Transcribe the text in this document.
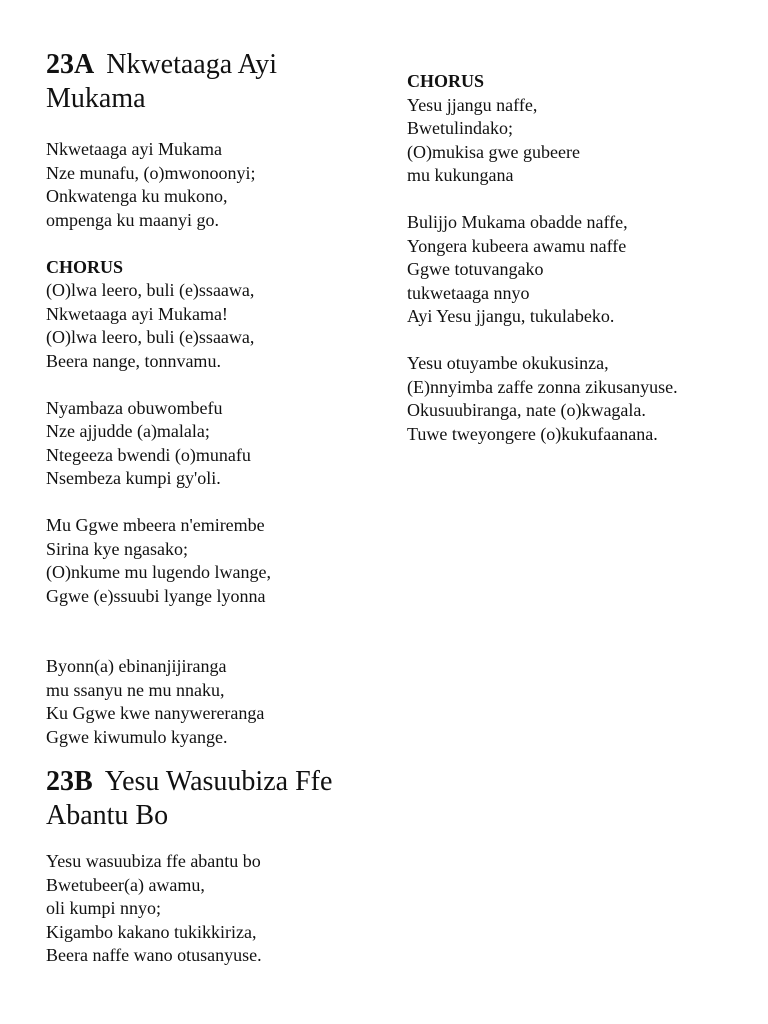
23A Nkwetaaga Ayi Mukama
Nkwetaaga ayi Mukama
Nze munafu, (o)mwonoonyi;
Onkwatenga ku mukono,
ompenga ku maanyi go.
CHORUS
(O)lwa leero, buli (e)ssaawa,
Nkwetaaga ayi Mukama!
(O)lwa leero, buli (e)ssaawa,
Beera nange, tonnvamu.
Nyambaza obuwombefu
Nze ajjudde (a)malala;
Ntegeeza bwendi (o)munafu
Nsembeza kumpi gy'oli.
Mu Ggwe mbeera n'emirembe
Sirina kye ngasako;
(O)nkume mu lugendo lwange,
Ggwe (e)ssuubi lyange lyonna
Byonn(a) ebinanjijiranga
mu ssanyu ne mu nnaku,
Ku Ggwe kwe nanywereranga
Ggwe kiwumulo kyange.
23B Yesu Wasuubiza Ffe Abantu Bo
Yesu wasuubiza ffe abantu bo
Bwetubeer(a) awamu,
oli kumpi nnyo;
Kigambo kakano tukikkiriza,
Beera naffe wano otusanyuse.
CHORUS
Yesu jjangu naffe,
Bwetulindako;
(O)mukisa gwe gubeere
mu kukungana
Bulijjo Mukama obadde naffe,
Yongera kubeera awamu naffe
Ggwe totuvangako
tukwetaaga nnyo
Ayi Yesu jjangu, tukulabeko.
Yesu otuyambe okukusinza,
(E)nnyimba zaffe zonna zikusanyuse.
Okusuubiranga, nate (o)kwagala.
Tuwe tweyongere (o)kukufaanana.
